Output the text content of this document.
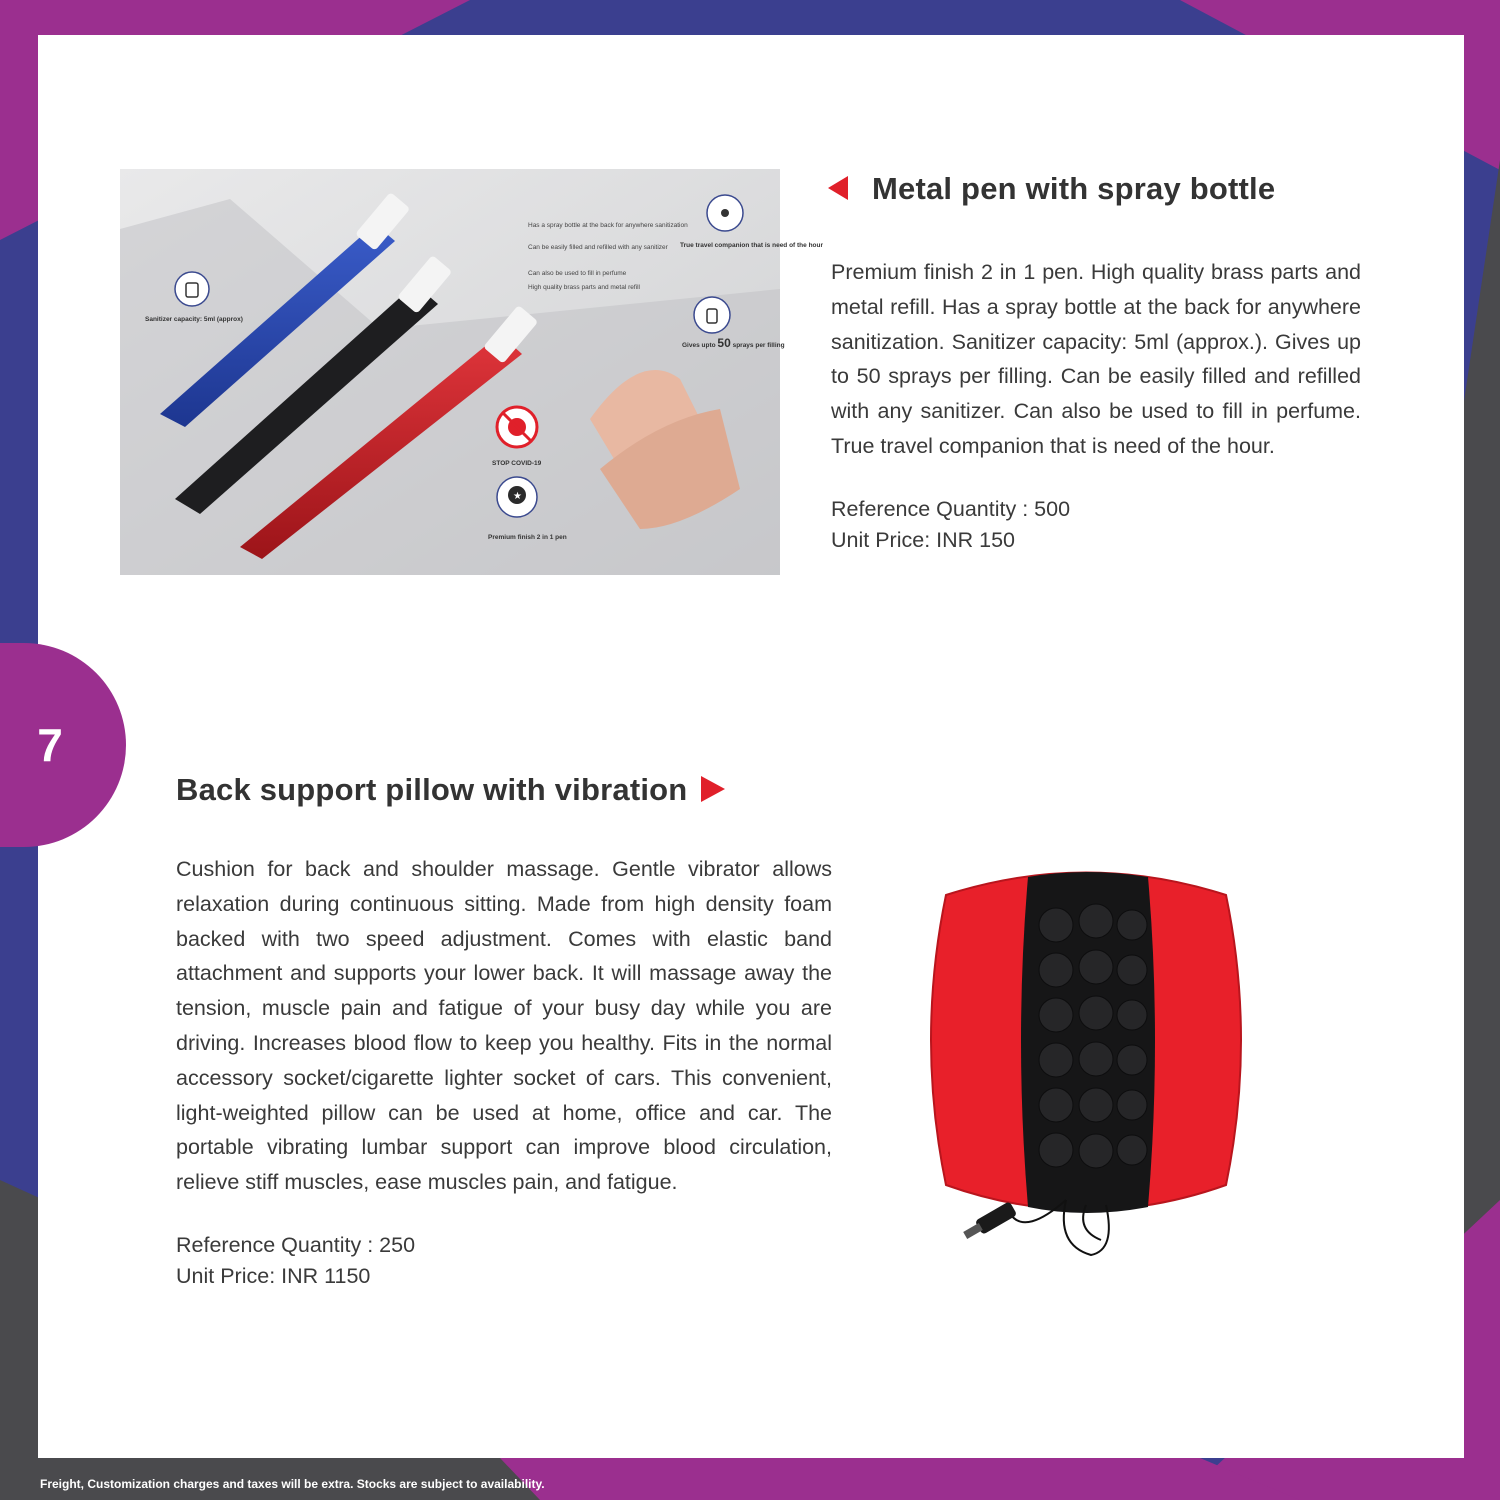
Has a spray bottle at the back for anywhere sanitization
Can be easily filled and refilled with any sanitizer
Can also be used to fill in perfume
High quality brass parts and metal refill
Sanitizer capacity: 5ml (approx)
True travel companion that is need of the hour
Gives upto 50 sprays per filling
STOP COVID-19
★
Premium finish 2 in 1 pen
Metal pen with spray bottle
Premium finish 2 in 1 pen. High quality brass parts and metal refill. Has a spray bottle at the back for anywhere sanitization. Sanitizer capacity: 5ml (approx.). Gives up to 50 sprays per filling. Can be easily filled and refilled with any sanitizer. Can also be used to fill in perfume. True travel companion that is need of the hour.
Reference Quantity : 500
Unit Price: INR 150
Back support pillow with vibration
Cushion for back and shoulder massage. Gentle vibrator allows relaxation during continuous sitting. Made from high density foam backed with two speed adjustment. Comes with elastic band attachment and supports your lower back. It will massage away the tension, muscle pain and fatigue of your busy day while you are driving. Increases blood flow to keep you healthy. Fits in the normal accessory socket/cigarette lighter socket of cars. This convenient, light-weighted pillow can be used at home, office and car. The portable vibrating lumbar support can improve blood circulation, relieve stiff muscles, ease muscles pain, and fatigue.
Reference Quantity : 250
Unit Price: INR 1150
7
Freight, Customization charges and taxes will be extra. Stocks are subject to availability.
